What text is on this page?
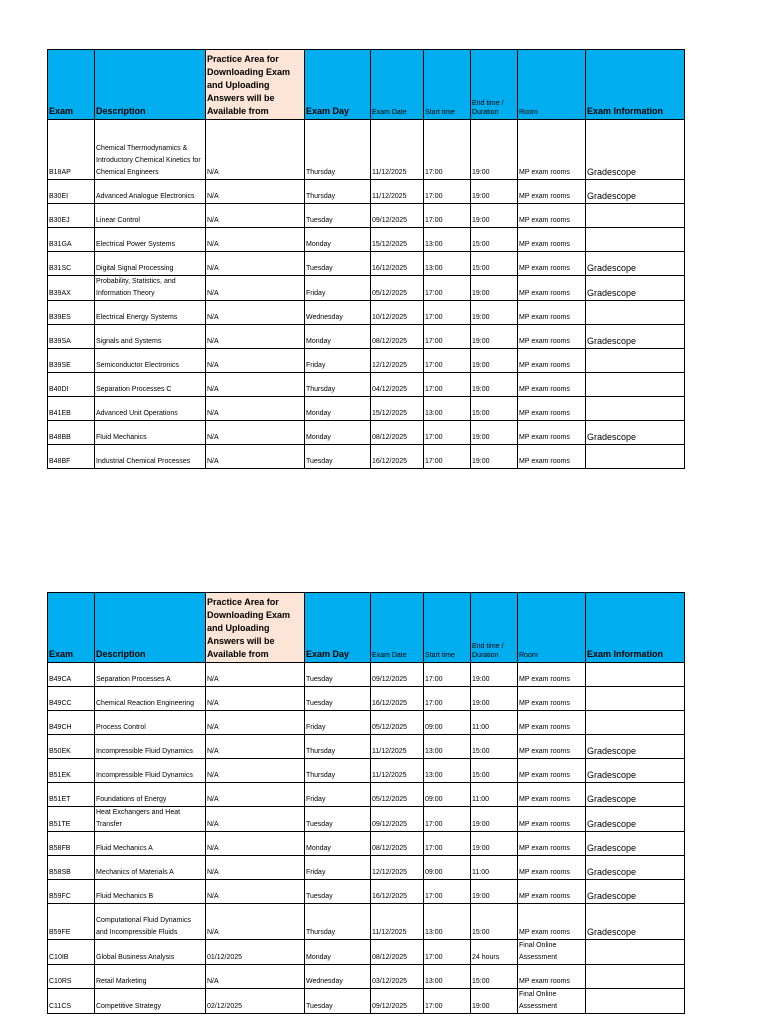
Exam	Description	Practice Area for Downloading Exam and Uploading Answers will be Available from	Exam Day	Exam Date	Start time	End time / Duration	Room	Exam Information
B18AP	Chemical Thermodynamics & Introductory Chemical Kinetics for Chemical Engineers	N/A	Thursday	11/12/2025	17:00	19:00	MP exam rooms	Gradescope
B30EI	Advanced Analogue Electronics	N/A	Thursday	11/12/2025	17:00	19:00	MP exam rooms	Gradescope
B30EJ	Linear Control	N/A	Tuesday	09/12/2025	17:00	19:00	MP exam rooms	
B31GA	Electrical Power Systems	N/A	Monday	15/12/2025	13:00	15:00	MP exam rooms	
B31SC	Digital Signal Processing	N/A	Tuesday	16/12/2025	13:00	15:00	MP exam rooms	Gradescope
B39AX	Probability, Statistics, and Information Theory	N/A	Friday	05/12/2025	17:00	19:00	MP exam rooms	Gradescope
B39ES	Electrical Energy Systems	N/A	Wednesday	10/12/2025	17:00	19:00	MP exam rooms	
B39SA	Signals and Systems	N/A	Monday	08/12/2025	17:00	19:00	MP exam rooms	Gradescope
B39SE	Semiconductor Electronics	N/A	Friday	12/12/2025	17:00	19:00	MP exam rooms	
B40DI	Separation Processes C	N/A	Thursday	04/12/2025	17:00	19:00	MP exam rooms	
B41EB	Advanced Unit Operations	N/A	Monday	15/12/2025	13:00	15:00	MP exam rooms	
B48BB	Fluid Mechanics	N/A	Monday	08/12/2025	17:00	19:00	MP exam rooms	Gradescope
B48BF	Industrial Chemical Processes	N/A	Tuesday	16/12/2025	17:00	19:00	MP exam rooms	
Exam	Description	Practice Area for Downloading Exam and Uploading Answers will be Available from	Exam Day	Exam Date	Start time	End time / Duration	Room	Exam Information
B49CA	Separation Processes A	N/A	Tuesday	09/12/2025	17:00	19:00	MP exam rooms	
B49CC	Chemical Reaction Engineering	N/A	Tuesday	16/12/2025	17:00	19:00	MP exam rooms	
B49CH	Process Control	N/A	Friday	05/12/2025	09:00	11:00	MP exam rooms	
B50EK	Incompressible Fluid Dynamics	N/A	Thursday	11/12/2025	13:00	15:00	MP exam rooms	Gradescope
B51EK	Incompressible Fluid Dynamics	N/A	Thursday	11/12/2025	13:00	15:00	MP exam rooms	Gradescope
B51ET	Foundations of Energy	N/A	Friday	05/12/2025	09:00	11:00	MP exam rooms	Gradescope
B51TE	Heat Exchangers and Heat Transfer	N/A	Tuesday	09/12/2025	17:00	19:00	MP exam rooms	Gradescope
B58FB	Fluid Mechanics A	N/A	Monday	08/12/2025	17:00	19:00	MP exam rooms	Gradescope
B58SB	Mechanics of Materials A	N/A	Friday	12/12/2025	09:00	11:00	MP exam rooms	Gradescope
B59FC	Fluid Mechanics B	N/A	Tuesday	16/12/2025	17:00	19:00	MP exam rooms	Gradescope
B59FE	Computational Fluid Dynamics and Incompressible Fluids	N/A	Thursday	11/12/2025	13:00	15:00	MP exam rooms	Gradescope
C10IB	Global Business Analysis	01/12/2025	Monday	08/12/2025	17:00	24 hours	Final Online Assessment	
C10RS	Retail Marketing	N/A	Wednesday	03/12/2025	13:00	15:00	MP exam rooms	
C11CS	Competitive Strategy	02/12/2025	Tuesday	09/12/2025	17:00	19:00	Final Online Assessment	
